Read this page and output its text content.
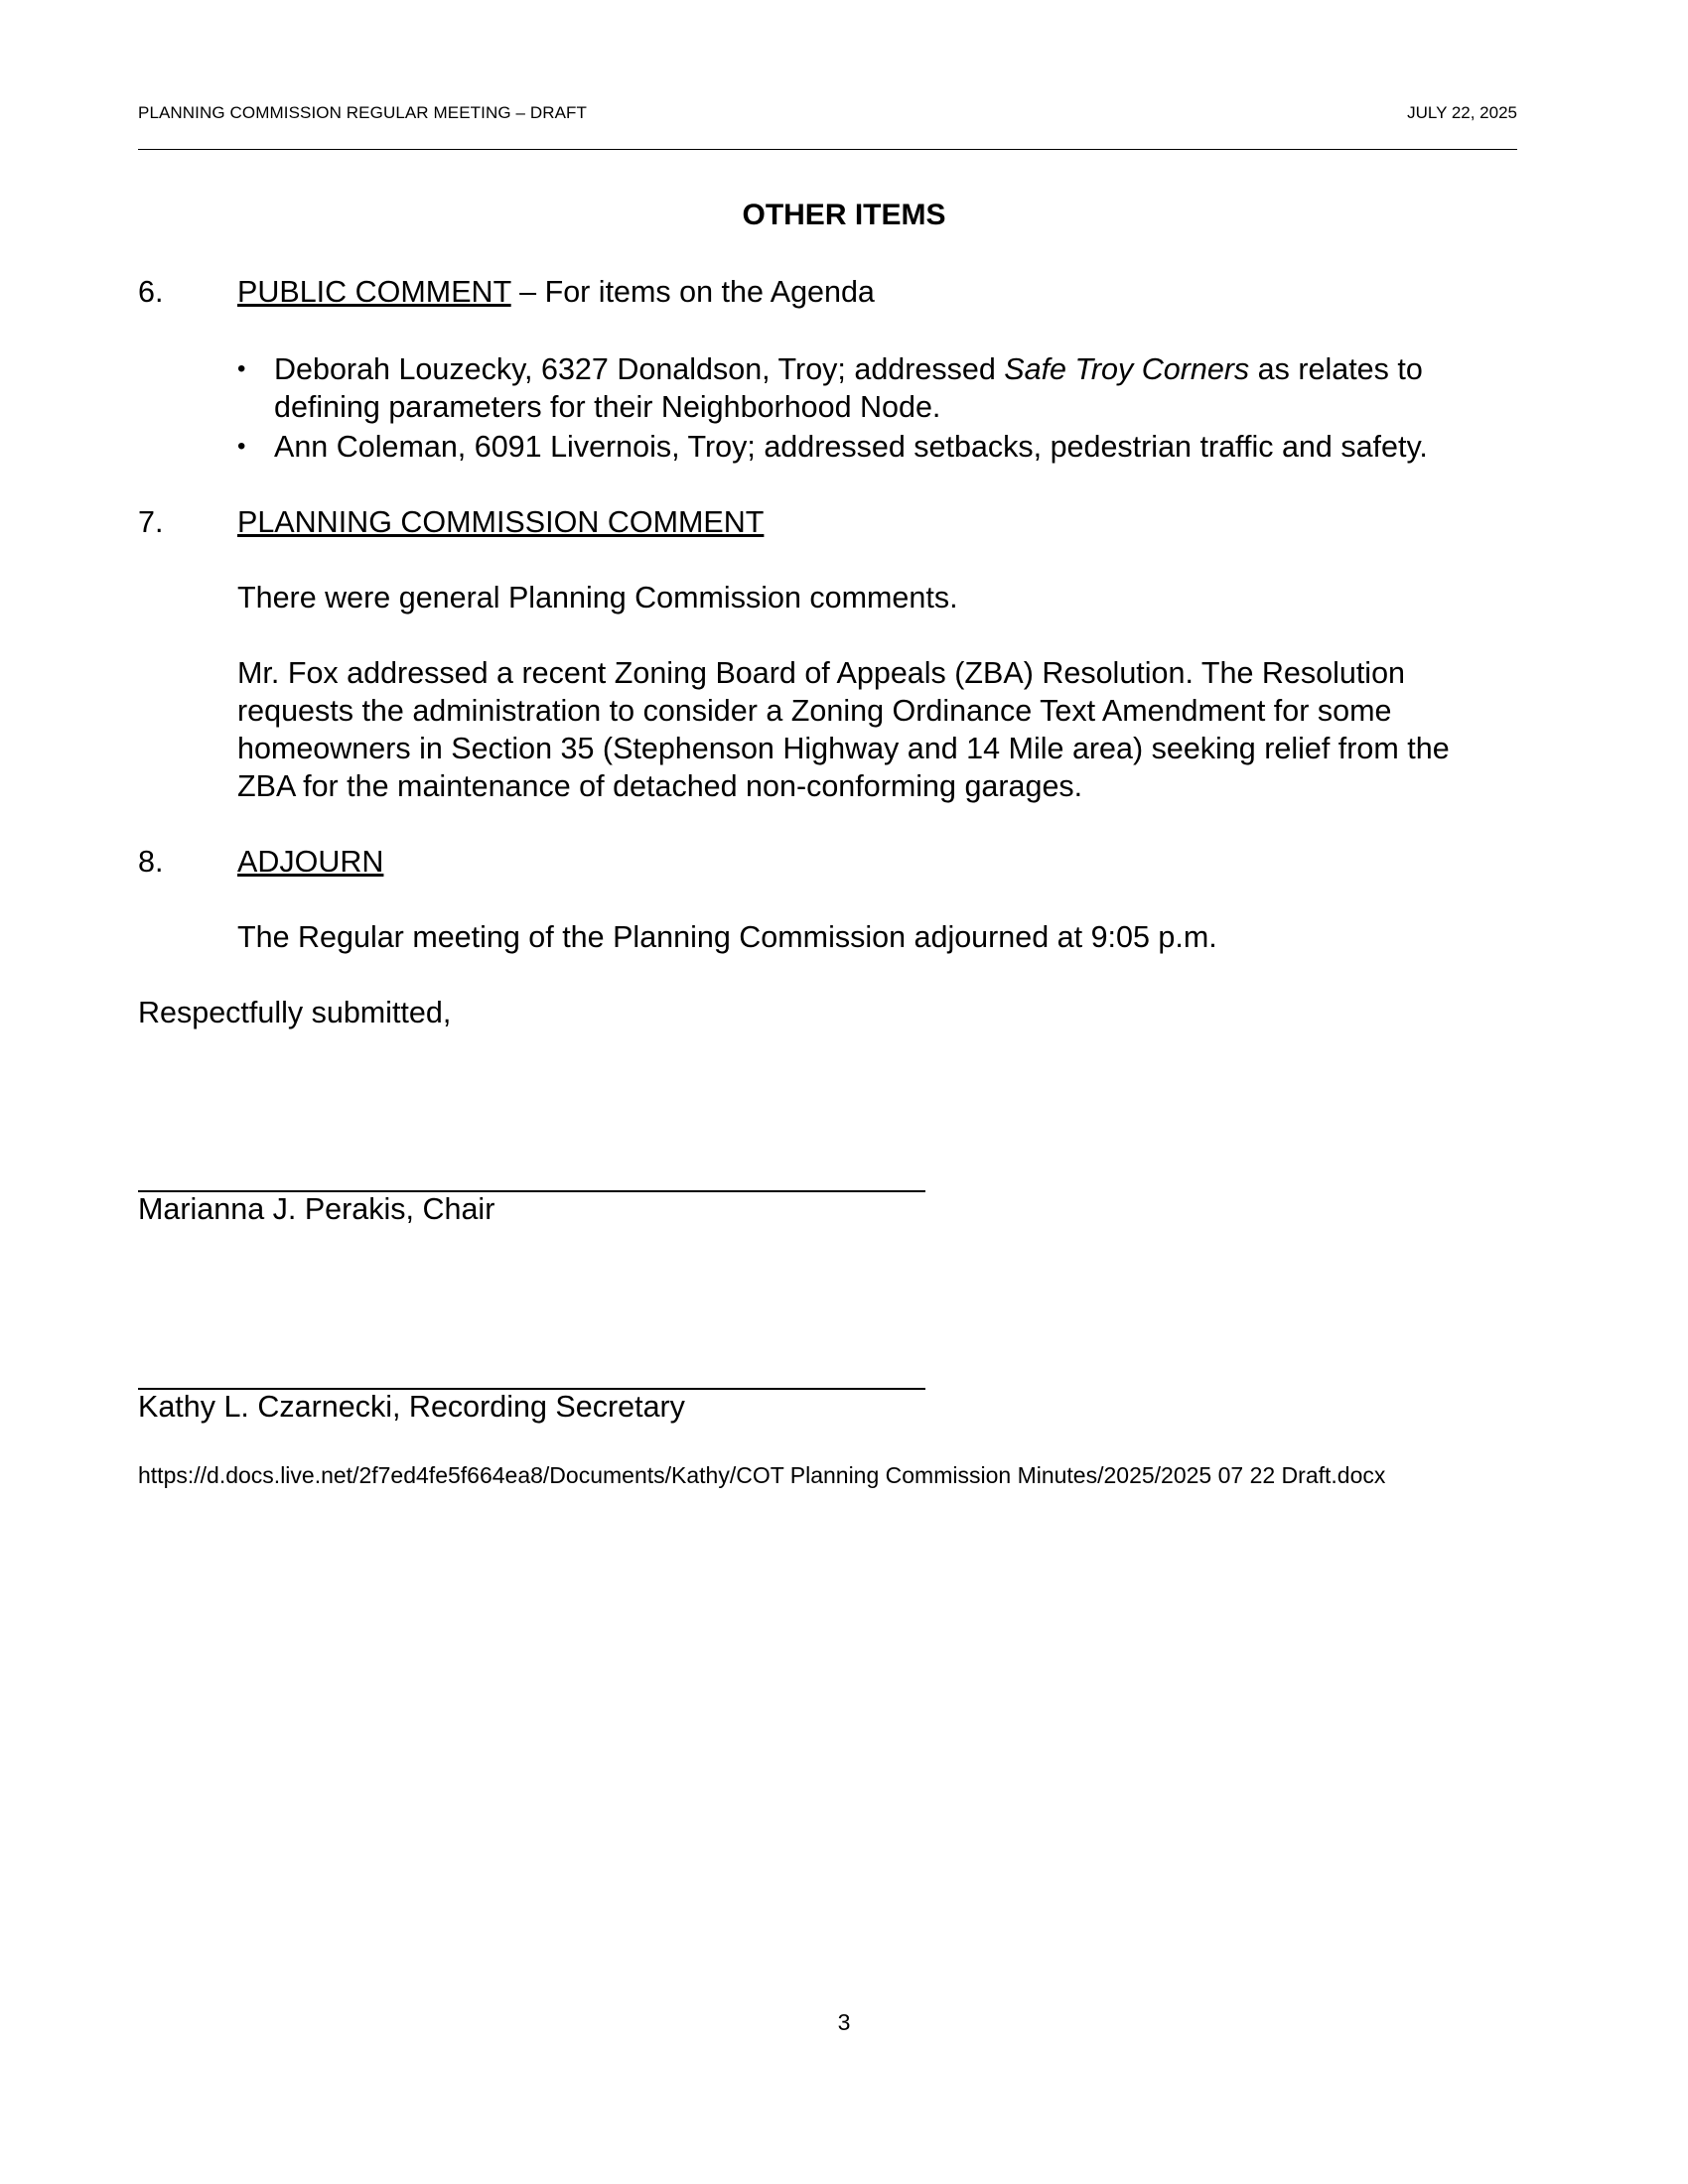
PLANNING COMMISSION REGULAR MEETING – DRAFT	JULY 22, 2025
OTHER ITEMS
6. PUBLIC COMMENT – For items on the Agenda
• Deborah Louzecky, 6327 Donaldson, Troy; addressed Safe Troy Corners as relates to
defining parameters for their Neighborhood Node.
• Ann Coleman, 6091 Livernois, Troy; addressed setbacks, pedestrian traffic and safety.
7. PLANNING COMMISSION COMMENT
There were general Planning Commission comments.
Mr. Fox addressed a recent Zoning Board of Appeals (ZBA) Resolution. The Resolution
requests the administration to consider a Zoning Ordinance Text Amendment for some
homeowners in Section 35 (Stephenson Highway and 14 Mile area) seeking relief from the
ZBA for the maintenance of detached non-conforming garages.
8. ADJOURN
The Regular meeting of the Planning Commission adjourned at 9:05 p.m.
Respectfully submitted,
Marianna J. Perakis, Chair
Kathy L. Czarnecki, Recording Secretary
https://d.docs.live.net/2f7ed4fe5f664ea8/Documents/Kathy/COT Planning Commission Minutes/2025/2025 07 22 Draft.docx
3
